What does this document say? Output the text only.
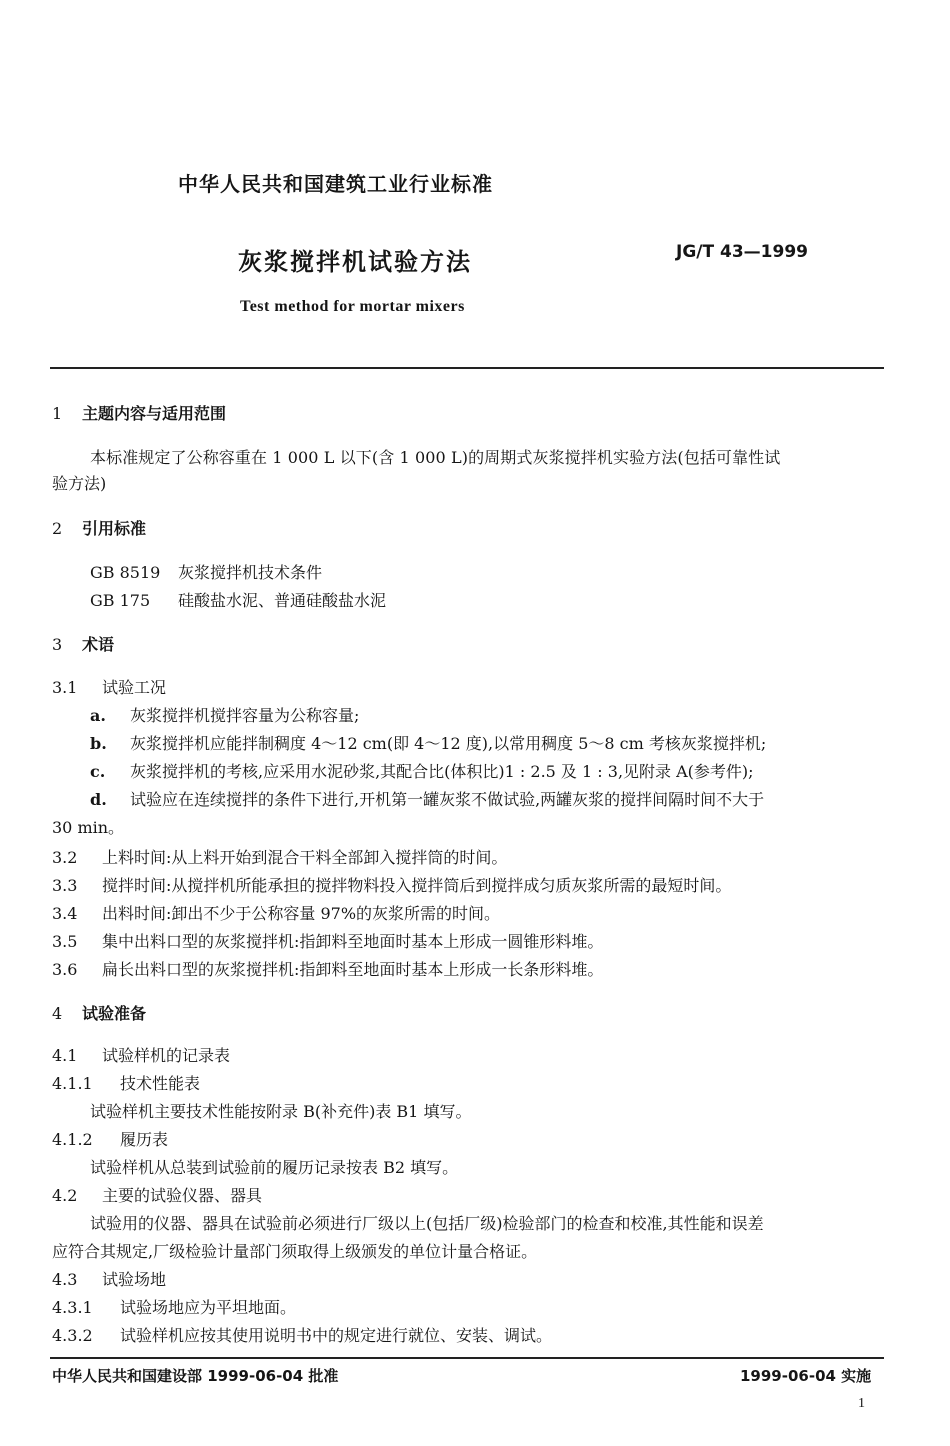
中华人民共和国建筑工业行业标准
灰浆搅拌机试验方法	JG/T 43—1999
Test method for mortar mixers
1 主题内容与适用范围
本标准规定了公称容重在 1 000 L 以下(含 1 000 L)的周期式灰浆搅拌机实验方法(包括可靠性试
验方法)
2 引用标准
GB 8519 灰浆搅拌机技术条件
GB 175 硅酸盐水泥、普通硅酸盐水泥
3 术语
3.1 试验工况
a. 灰浆搅拌机搅拌容量为公称容量;
b. 灰浆搅拌机应能拌制稠度 4～12 cm(即 4～12 度),以常用稠度 5～8 cm 考核灰浆搅拌机;
c. 灰浆搅拌机的考核,应采用水泥砂浆,其配合比(体积比)1 : 2.5 及 1 : 3,见附录 A(参考件);
d. 试验应在连续搅拌的条件下进行,开机第一罐灰浆不做试验,两罐灰浆的搅拌间隔时间不大于
30 min。
3.2 上料时间:从上料开始到混合干料全部卸入搅拌筒的时间。
3.3 搅拌时间:从搅拌机所能承担的搅拌物料投入搅拌筒后到搅拌成匀质灰浆所需的最短时间。
3.4 出料时间:卸出不少于公称容量 97%的灰浆所需的时间。
3.5 集中出料口型的灰浆搅拌机:指卸料至地面时基本上形成一圆锥形料堆。
3.6 扁长出料口型的灰浆搅拌机:指卸料至地面时基本上形成一长条形料堆。
4 试验准备
4.1 试验样机的记录表
4.1.1 技术性能表
试验样机主要技术性能按附录 B(补充件)表 B1 填写。
4.1.2 履历表
试验样机从总装到试验前的履历记录按表 B2 填写。
4.2 主要的试验仪器、器具
试验用的仪器、器具在试验前必须进行厂级以上(包括厂级)检验部门的检查和校准,其性能和误差
应符合其规定,厂级检验计量部门须取得上级颁发的单位计量合格证。
4.3 试验场地
4.3.1 试验场地应为平坦地面。
4.3.2 试验样机应按其使用说明书中的规定进行就位、安装、调试。
中华人民共和国建设部 1999-06-04 批准	1999-06-04 实施
1
